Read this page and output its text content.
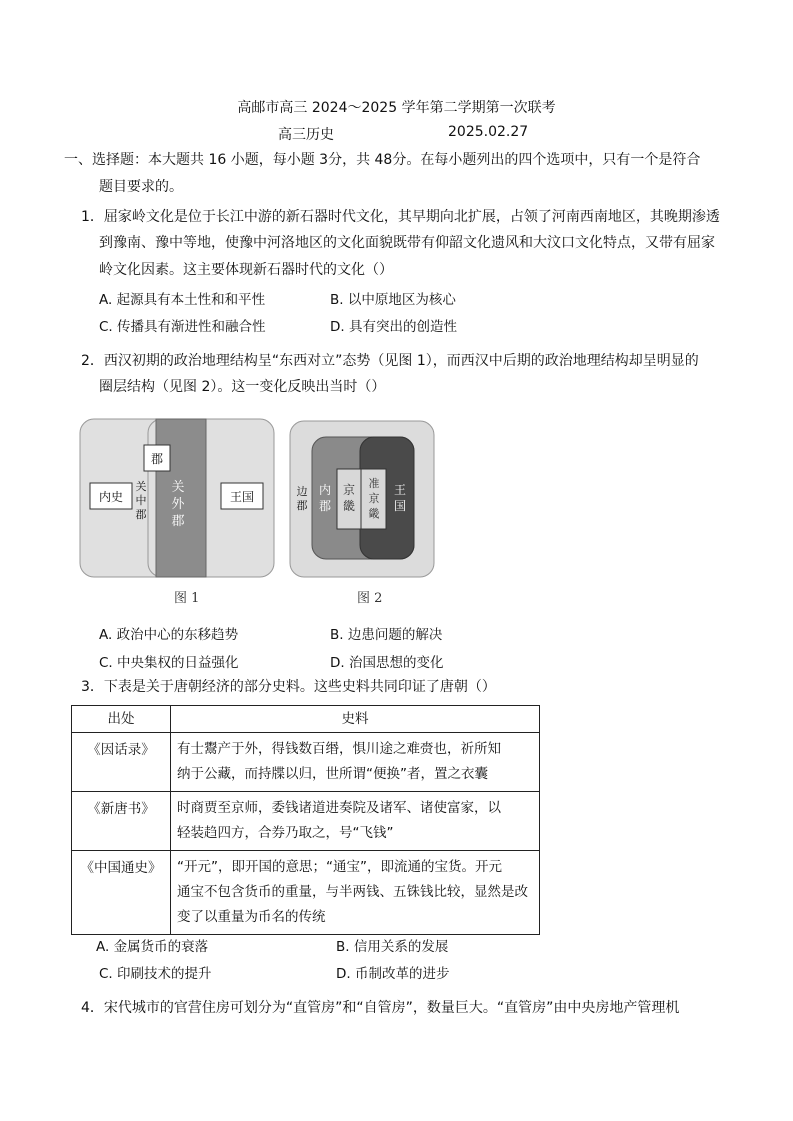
高邮市高三 2024～2025 学年第二学期第一次联考
高三历史	2025.02.27
一、选择题：本大题共 16 小题，每小题 3分，共 48分。在每小题列出的四个选项中，只有一个是符合
题目要求的。
1．屈家岭文化是位于长江中游的新石器时代文化，其早期向北扩展，占领了河南西南地区，其晚期渗透
到豫南、豫中等地，使豫中河洛地区的文化面貌既带有仰韶文化遗风和大汶口文化特点，又带有屈家
岭文化因素。这主要体现新石器时代的文化（）
A. 起源具有本土性和和平性	B. 以中原地区为核心
C. 传播具有渐进性和融合性	D. 具有突出的创造性
2．西汉初期的政治地理结构呈“东西对立”态势（见图 1），而西汉中后期的政治地理结构却呈明显的
圈层结构（见图 2）。这一变化反映出当时（）
内史
郡
关
中
郡
关
外
郡
王国
图 1
边
郡
内
郡
京
畿
准
京
畿
王
国
图 2
A. 政治中心的东移趋势	B. 边患问题的解决
C. 中央集权的日益强化	D. 治国思想的变化
3．下表是关于唐朝经济的部分史料。这些史料共同印证了唐朝（）
出处	史料
《因话录》	有士鬻产于外，得钱数百缗，惧川途之难赍也，祈所知
纳于公藏，而持牒以归，世所谓“便换”者，置之衣囊

《新唐书》	时商贾至京师，委钱诸道进奏院及诸军、诸使富家，以
轻装趋四方，合券乃取之，号“飞钱”

《中国通史》	“开元”，即开国的意思；“通宝”，即流通的宝货。开元
通宝不包含货币的重量，与半两钱、五铢钱比较，显然是改
变了以重量为币名的传统
A. 金属货币的衰落	B. 信用关系的发展
C. 印刷技术的提升	D. 币制改革的进步
4．宋代城市的官营住房可划分为“直管房”和“自管房”，数量巨大。“直管房”由中央房地产管理机
